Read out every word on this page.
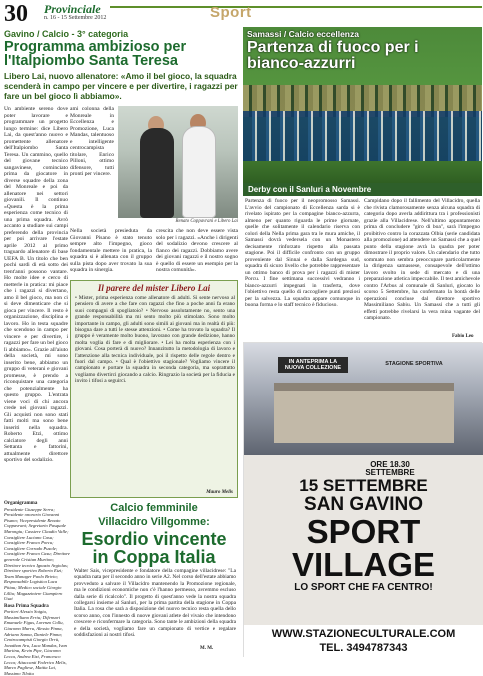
30 Provinciale
n. 16 - 15 Settembre 2012	Sport
Gavino / Calcio - 3° categoria
Programma ambizioso per l'Italpiombo Santa Teresa
Libero Lai, nuovo allenatore: «Amo il bel gioco, la squadra scenderà in campo per vincere e per divertire, i ragazzi per fare un bel gioco lì abbiamo».
Un ambiente sereno dove poter lavorare e programmare un progetto lungo termine: dice Libero Lai, da quest'anno nuovo e promettente allenatore dell'Italpiombo Santa Teresa. Un cammino, quello del giovane tecnico sangavinese, cominciato prima da giocatore in diverse squadre della zona del Monreale e poi da allenatore nei settori giovanili. Il continuo «Questa è la prima esperienza come tecnico di una prima squadra. Avrò accanto a studiare sui campi preferendo della provincia per poi arrivare l'estate aprile 2012 al primo traguardo allenatore di base UEFA B. Un titolo che ben pochi sardi di età sotto dei trent'anni possono vantare. Ho molte idee e cerco di metterle in pratica: mi piace che i ragazzi si divertano, amo il bel gioco, ma non ci si deve dimenticare che si gioca per vincere. Il resto è organizzazione, disciplina e lavoro. Ho in testa squadre che scendono in campo per vincere e per divertire, i ragazzi per fare un bel gioco lì abbiamo». Grazie all'aiuto della società, mi sono inserito bene, abbiamo un gruppo di veterani e giovani promesse, è prendo a riconquistare una categoria che potenzialmente ha questo gruppo. L'entrata viene voci di chi ancora crede nei giovani ragazzi. Gli acquisti non sono stati fatti molti ma sono bene inseriti nella squadra. Roberto Etzi, ottimo calciatore degli anni Settanta e fattorini, attualmente direttore sportivo del sodalizio.
ami colonna della Monreale in Eccellenza e Promozione, Luca Mandas, talentuoso e intelligente centrocampista titolare, Enrico Pilloni, ottimo difensore, tutti pronti per vincere.
Renato Coppavrani e Libero Lai
Nella società presieduta da Giovanni Pisano è stato tenuto sempre alto l'impegno, gioco fondamentale mettere in pratica, la squadra si è allenata con il gruppo sulla pista dopo aver trovato la sua squadra in sinergia.
crescita che non deve essere vista solo per i ragazzi. «Anche i dirigenti del sodalizio devono crescere al fianco dei ragazzi. Dobbiamo avere dei giovani ragazzi e il nostro sogno è quello di essere un esempio per la nostra comunità».
Il parere del mister Libero Lai
• Mister, prima esperienza come allenatore di adulti. Si sente nervoso al pensiero di avere a che fare con ragazzi che fino a poche anni fa erano suoi compagni di spogliatoio? • Nervoso assolutamente no, sento una grande responsabilità ma mi sento molto più stimolato. Sono molto importante in campo, gli adulti sono simili ai giovani ma in realtà di più: bisogna dare a tutti le stesse attenzioni. • Come ha trovato la squadra? Il gruppo è veramente molto buono, lavorano con grande dedizione, hanno molta voglia di fare e di migliorare. • Lei ha molta esperienza con i giovani. Cosa porterà di nuovo? Innanzitutto la metodologia di lavoro e l'attenzione alla tecnica individuale, poi il rispetto delle regole dentro e fuori dal campo. • Qual è l'obiettivo stagionale? Vogliamo vincere il campionato e portare la squadra in seconda categoria, ma soprattutto vogliamo divertirci giocando a calcio. Ringrazio la società per la fiducia e invito i tifosi a seguirci.
Mauro Melis
Organigramma
Presidente Giuseppe Serra; Presidente onorario Giovanni Pisano; Vicepresidente Renato Coppavrani; Segretario Pasquale Marongiu; Cassiere Claudio Valle; Consigliere Luciano Casu; Consigliere Franco Porcu; Consigliere Corrado Pusole; Consigliere Franco Casu; Direttore generale Cristian Murtion; Direttore tecnico Ignazio Argiolas; Direttore sportivo Roberto Etzi; Team Manager Paolo Brivio; Responsabile Logistica Luca Pitiau; Medico sociale Giorgio Lilliu; Magazziniere Giampiero Usai
Rosa Prima Squadra
Portieri Alessio Sotgiu, Massimiliano Erriu; Difensori Emanuele Figus, Lorenzo Collu, Giacomo Murru, Alessio Pinna, Adriano Sanna, Daniele Pinna; Centrocampisti Giorgio Orrù, Jonathan Aru, Luca Mandas, Ivan Murtinu, Kevin Pipe, Giacomo Lecca, Andrea Etzi, Francesco Lecca; Attaccanti Federico Melis, Marco Pagliese, Mattia Lai, Massimo Tilottu
Calcio femminile
Villacidro Villgomme:
Esordio vincente in Coppa Italia
Walter Sais, vicepresidente e fondatore della compagine villacidrese: "La squadra nata per il secondo anno in serie A2. Nel corso dell'estate abbiamo provveduto a salvare il Villacidro mantenendo la Promozione regionale, ma le condizioni economiche non c'è l'hanno permesso, avremmo escluso dalla serie di ricalcolo". Il progetto di quest'anno vede la nostra squadra collegarsi insieme al Sanluri, per la prima partita della stagione in Coppa Italia. La rosa che sarà a disposizione del nuovo tecnico resta quella dello scorso anno, con l'innesto di nuove giovani atlete del vivaio che intendono crescere e riconfermare la categoria. Sono tante le ambizioni della squadra e della società, vogliamo fare un campionato di vertice e regalare soddisfazioni ai nostri tifosi.
M. M.
Samassi / Calcio eccellenza
Partenza di fuoco per i bianco-azzurri
Derby con il Sanluri a Novembre
Partenza di fuoco per il neopromosso Samassi. L'avvio del campionato di Eccellenza sarda si è rivelato ispirato per la compagine bianco-azzurra, almeno per quanto riguarda le prime giornate, quelle che solitamente il calendario riserva con colori della Nella prima gara tra le mura amiche, il Samassi dovrà vedersela con un Monastero decisamente rinforzato rispetto alla passata stagione. Poi il difficile confronto con un gruppo proveniente dal Sinnai e dalla Sardegna sud, squadra di sicuro livello che potrebbe rappresentare un ottimo banco di prova per i ragazzi di mister Porcu. I fine settimana successivi vedranno i bianco-azzurri impegnati in trasferta, dove l'obiettivo resta quello di raccogliere punti preziosi per la salvezza. La squadra appare comunque in buona forma e lo staff tecnico è fiducioso.
Campidano dopo il fallimento del Villacidro, quella che rivista clamorosamente senza alcuna squadra di categoria dopo averla addirittura tra i professionisti grazie alla Villacidrese. Nell'ultimo appuntamento prima di concludere "giro di boa", sarà l'impegno proibitivo contro la corazzata Olbia (serie candidata alla promozione) ad attendere un Samassi che a quel punto della stagione avrà la quadra per poter dimostrare il proprio valore. Un calendario che tutto sommato non sembra preoccupare particolarmente la dirigenza samassese, consapevole dell'ottimo lavoro svolto in sede di mercato e di una preparazione atletica impeccabile. Il test amichevole contro l'Arbus al comunale di Sanluri, giocato lo scorso 5 Settembre, ha confermato la bontà delle operazioni concluse dal direttore sportivo Massimiliano Sabiu. Un Samassi che a tutti gli effetti potrebbe rivelarsi la vera mina vagante del campionato.
Fabio Leo
IN ANTEPRIMA LA NUOVA COLLEZIONE
STAGIONE SPORTIVA
ORE 18.30 SETTEMBRE
15 SETTEMBRE
SAN GAVINO
SPORT VILLAGE
LO SPORT CHE FA CENTRO!
WWW.STAZIONECULTURALE.COM
TEL. 3494787343
